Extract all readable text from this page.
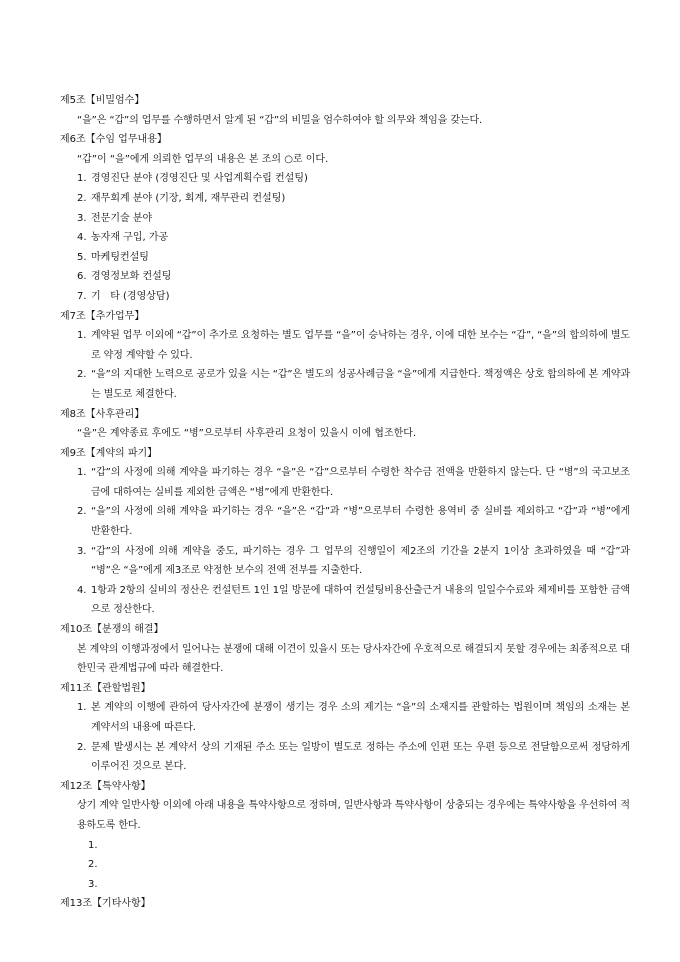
제5조【비밀엄수】
“을”은 “갑”의 업무를 수행하면서 알게 된 “갑”의 비밀을 엄수하여야 할 의무와 책임을 갖는다.
제6조【수임 업무내용】
“갑”이 “을”에게 의뢰한 업무의 내용은 본 조의 ○로 이다.
1. 경영진단 분야 (경영진단 및 사업계획수립 컨설팅)
2. 재무회계 분야 (기장, 회계, 재무관리 컨설팅)
3. 전문기술 분야
4. 농자재 구입, 가공
5. 마케팅컨설팅
6. 경영정보화 컨설팅
7. 기   타 (경영상담)
제7조【추가업무】
1. 계약된 업무 이외에 “갑”이 추가로 요청하는 별도 업무를 “을”이 승낙하는 경우, 이에 대한 보수는 “갑”, “을”의 합의하에 별도로 약정 계약할 수 있다.
2. “을”의 지대한 노력으로 공로가 있을 시는 “갑”은 별도의 성공사례금을 “을”에게 지급한다. 책정액은 상호 합의하에 본 계약과는 별도로 체결한다.
제8조【사후관리】
“을”은 계약종료 후에도 “병”으로부터 사후관리 요청이 있을시 이에 협조한다.
제9조【계약의 파기】
1. “갑”의 사정에 의해 계약을 파기하는 경우 “을”은 “갑”으로부터 수령한 착수금 전액을 반환하지 않는다. 단 “병”의 국고보조금에 대하여는 실비를 제외한 금액은 “병”에게 반환한다.
2. “을”의 사정에 의해 계약을 파기하는 경우 “을”은 “갑”과 “병”으로부터 수령한 용역비 중 실비를 제외하고 “갑”과 “병”에게 반환한다.
3. “갑”의 사정에 의해 계약을 중도, 파기하는 경우 그 업무의 진행일이 제2조의 기간을 2분지 1이상 초과하였을 때 “갑”과 “병”은 “을”에게 제3조로 약정한 보수의 전액 전부를 지출한다.
4. 1항과 2항의 실비의 정산은 컨설턴트 1인 1일 방문에 대하여 컨설팅비용산출근거 내용의 일일수수료와 체제비를 포함한 금액으로 정산한다.
제10조【분쟁의 해결】
본 계약의 이행과정에서 일어나는 분쟁에 대해 이견이 있을시 또는 당사자간에 우호적으로 해결되지 못할 경우에는 최종적으로 대한민국 관계법규에 따라 해결한다.
제11조【관할법원】
1. 본 계약의 이행에 관하여 당사자간에 분쟁이 생기는 경우 소의 제기는 “을”의 소재지를 관할하는 법원이며 책임의 소재는 본 계약서의 내용에 따른다.
2. 문제 발생시는 본 계약서 상의 기재된 주소 또는 일방이 별도로 정하는 주소에 인편 또는 우편 등으로 전달함으로써 정당하게 이루어진 것으로 본다.
제12조【특약사항】
상기 계약 일반사항 이외에 아래 내용을 특약사항으로 정하며, 일반사항과 특약사항이 상충되는 경우에는 특약사항을 우선하여 적용하도록 한다.
1.

2.

3.

제13조【기타사항】
